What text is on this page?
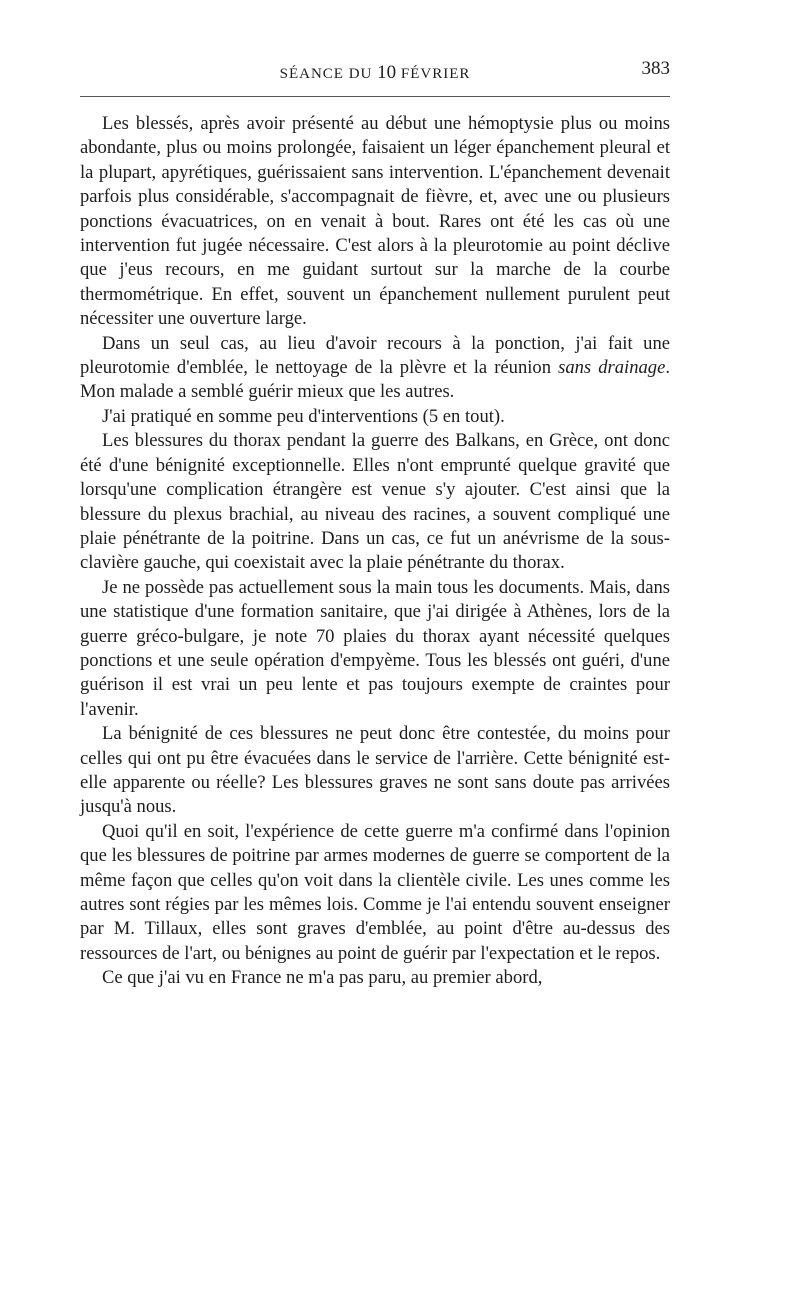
SÉANCE DU 10 FÉVRIER	383

Les blessés, après avoir présenté au début une hémoptysie plus ou moins abondante, plus ou moins prolongée, faisaient un léger épanchement pleural et la plupart, apyrétiques, guérissaient sans intervention. L'épanchement devenait parfois plus considérable, s'accompagnait de fièvre, et, avec une ou plusieurs ponctions évacuatrices, on en venait à bout. Rares ont été les cas où une intervention fut jugée nécessaire. C'est alors à la pleurotomie au point déclive que j'eus recours, en me guidant surtout sur la marche de la courbe thermométrique. En effet, souvent un épanchement nullement purulent peut nécessiter une ouverture large.

Dans un seul cas, au lieu d'avoir recours à la ponction, j'ai fait une pleurotomie d'emblée, le nettoyage de la plèvre et la réunion sans drainage. Mon malade a semblé guérir mieux que les autres.

J'ai pratiqué en somme peu d'interventions (5 en tout).

Les blessures du thorax pendant la guerre des Balkans, en Grèce, ont donc été d'une bénignité exceptionnelle. Elles n'ont emprunté quelque gravité que lorsqu'une complication étrangère est venue s'y ajouter. C'est ainsi que la blessure du plexus brachial, au niveau des racines, a souvent compliqué une plaie pénétrante de la poitrine. Dans un cas, ce fut un anévrisme de la sous-clavière gauche, qui coexistait avec la plaie pénétrante du thorax.

Je ne possède pas actuellement sous la main tous les documents. Mais, dans une statistique d'une formation sanitaire, que j'ai dirigée à Athènes, lors de la guerre gréco-bulgare, je note 70 plaies du thorax ayant nécessité quelques ponctions et une seule opération d'empyème. Tous les blessés ont guéri, d'une guérison il est vrai un peu lente et pas toujours exempte de craintes pour l'avenir.

La bénignité de ces blessures ne peut donc être contestée, du moins pour celles qui ont pu être évacuées dans le service de l'arrière. Cette bénignité est-elle apparente ou réelle? Les blessures graves ne sont sans doute pas arrivées jusqu'à nous.

Quoi qu'il en soit, l'expérience de cette guerre m'a confirmé dans l'opinion que les blessures de poitrine par armes modernes de guerre se comportent de la même façon que celles qu'on voit dans la clientèle civile. Les unes comme les autres sont régies par les mêmes lois. Comme je l'ai entendu souvent enseigner par M. Tillaux, elles sont graves d'emblée, au point d'être au-dessus des ressources de l'art, ou bénignes au point de guérir par l'expectation et le repos.

Ce que j'ai vu en France ne m'a pas paru, au premier abord,
